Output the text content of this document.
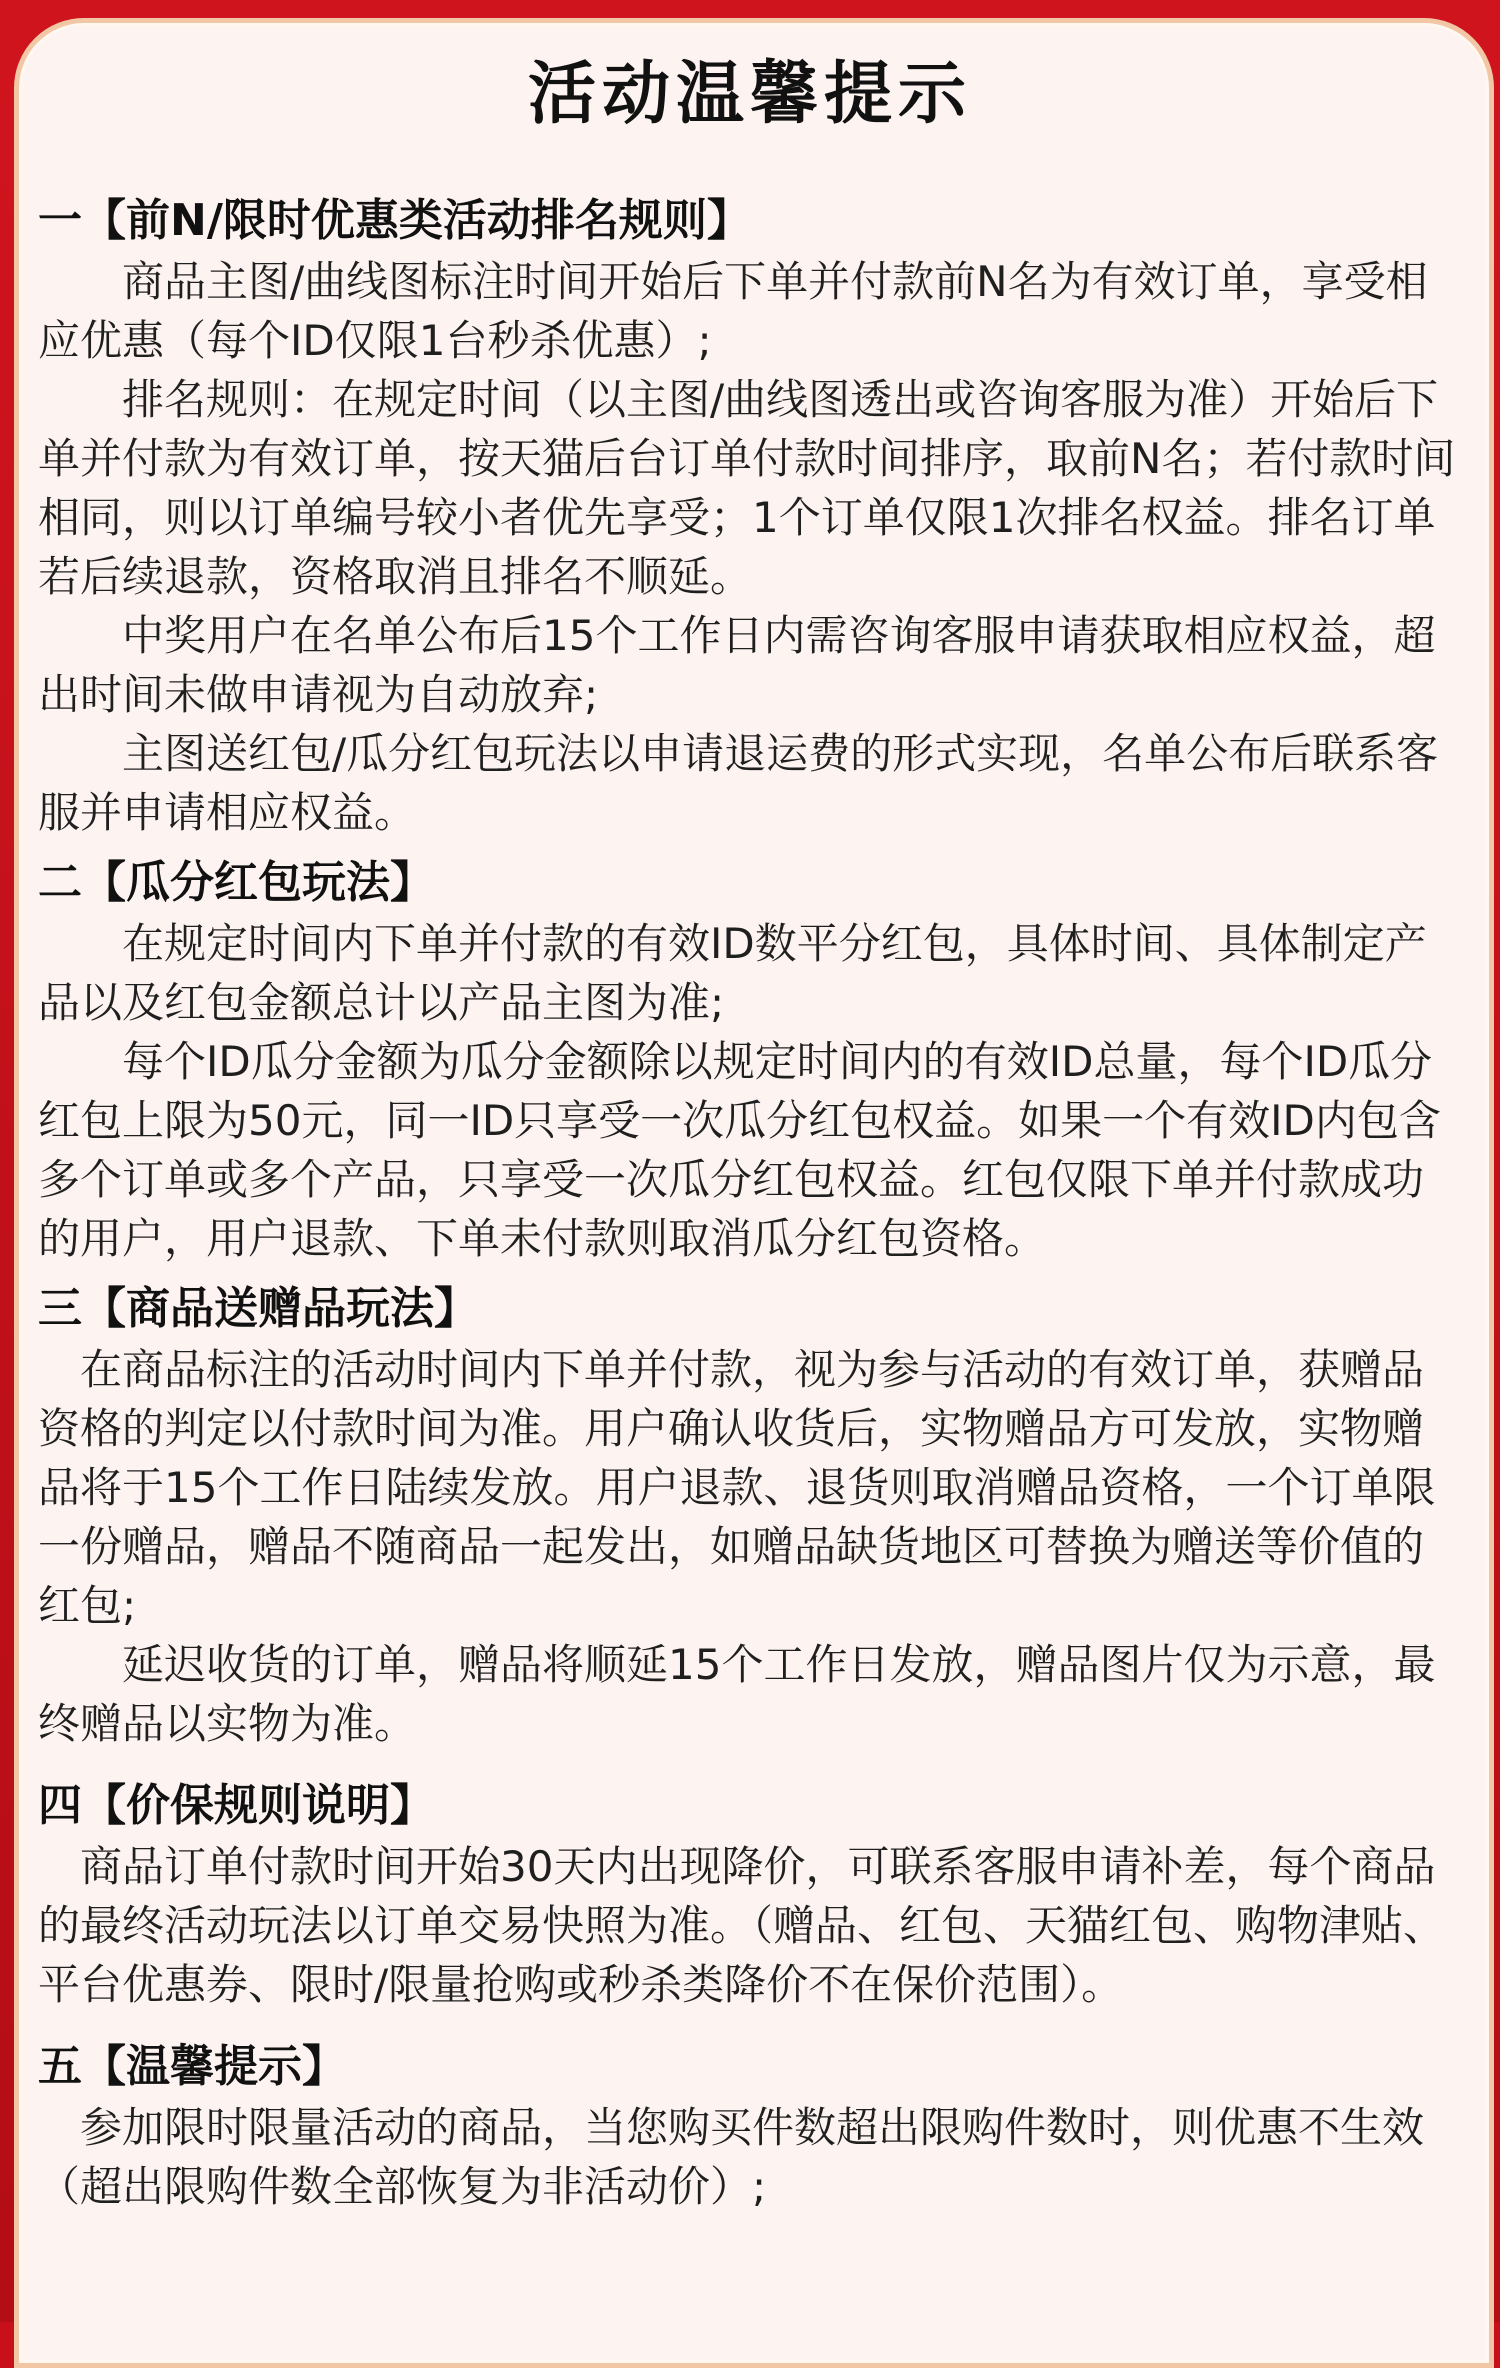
活动温馨提示
一【前N/限时优惠类活动排名规则】

商品主图/曲线图标注时间开始后下单并付款前N名为有效订单，享受相应优惠（每个ID仅限1台秒杀优惠）;

排名规则：在规定时间（以主图/曲线图透出或咨询客服为准）开始后下单并付款为有效订单，按天猫后台订单付款时间排序，取前N名；若付款时间相同，则以订单编号较小者优先享受；1个订单仅限1次排名权益。排名订单若后续退款，资格取消且排名不顺延。

中奖用户在名单公布后15个工作日内需咨询客服申请获取相应权益，超出时间未做申请视为自动放弃;

主图送红包/瓜分红包玩法以申请退运费的形式实现，名单公布后联系客服并申请相应权益。

二【瓜分红包玩法】

在规定时间内下单并付款的有效ID数平分红包，具体时间、具体制定产品以及红包金额总计以产品主图为准;

每个ID瓜分金额为瓜分金额除以规定时间内的有效ID总量，每个ID瓜分红包上限为50元，同一ID只享受一次瓜分红包权益。如果一个有效ID内包含多个订单或多个产品，只享受一次瓜分红包权益。红包仅限下单并付款成功的用户，用户退款、下单未付款则取消瓜分红包资格。

三【商品送赠品玩法】

在商品标注的活动时间内下单并付款，视为参与活动的有效订单，获赠品资格的判定以付款时间为准。用户确认收货后，实物赠品方可发放，实物赠品将于15个工作日陆续发放。用户退款、退货则取消赠品资格，一个订单限一份赠品，赠品不随商品一起发出，如赠品缺货地区可替换为赠送等价值的红包;

延迟收货的订单，赠品将顺延15个工作日发放，赠品图片仅为示意，最终赠品以实物为准。

四【价保规则说明】

商品订单付款时间开始30天内出现降价，可联系客服申请补差，每个商品的最终活动玩法以订单交易快照为准。（赠品、红包、天猫红包、购物津贴、平台优惠券、限时/限量抢购或秒杀类降价不在保价范围）。

五【温馨提示】

参加限时限量活动的商品，当您购买件数超出限购件数时，则优惠不生效（超出限购件数全部恢复为非活动价）;
